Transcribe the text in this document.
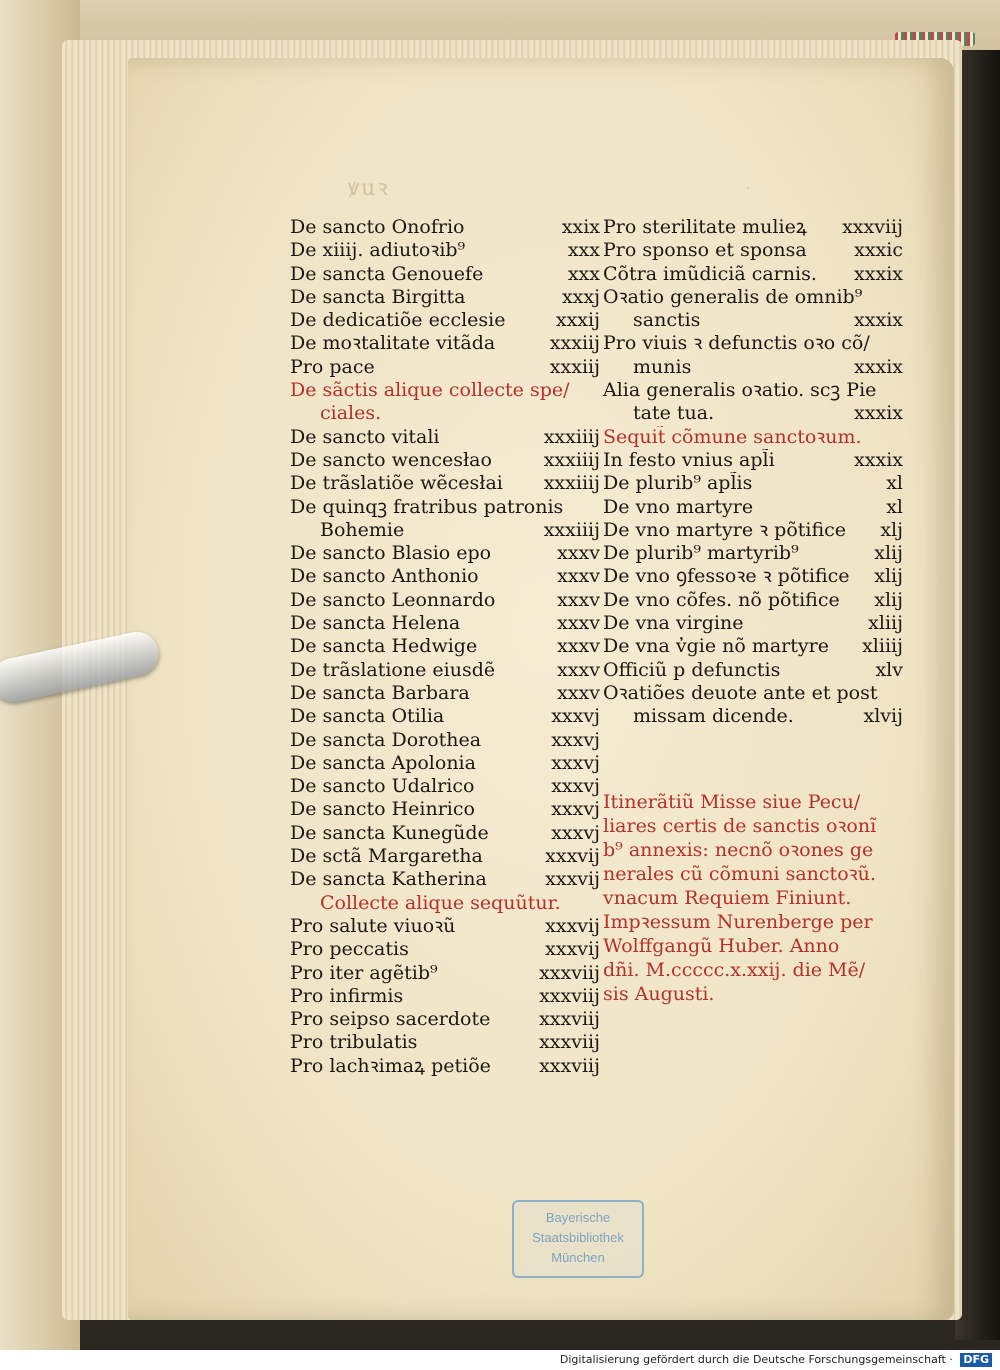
ꝟuꝛ	·
De sancto Onofrio	xxix
De xiiij. adiutoꝛib⁹	xxx
De sancta Genouefe	xxx
De sancta Birgitta	xxxj
De dedicatiõe ecclesie	xxxij
De moꝛtalitate vitãda	xxxiij
Pro pace	xxxiij
De sãctis alique collecte spe/
ciales.
De sancto vitali	xxxiiij
De sancto wencesłao	xxxiiij
De trãslatiõe wẽcesłai	xxxiiij
De quinqꝫ fratribus patronis
Bohemie	xxxiiij
De sancto Blasio epo	xxxv
De sancto Anthonio	xxxv
De sancto Leonnardo	xxxv
De sancta Helena	xxxv
De sancta Hedwige	xxxv
De trãslatione eiusdẽ	xxxv
De sancta Barbara	xxxv
De sancta Otilia	xxxvj
De sancta Dorothea	xxxvj
De sancta Apolonia	xxxvj
De sancto Udalrico	xxxvj
De sancto Heinrico	xxxvj
De sancta Kunegũde	xxxvj
De sctã Margaretha	xxxvij
De sancta Katherina	xxxvij
Collecte alique sequũtur.
Pro salute viuoꝛũ	xxxvij
Pro peccatis	xxxvij
Pro iter agẽtib⁹	xxxviij
Pro infirmis	xxxviij
Pro seipso sacerdote	xxxviij
Pro tribulatis	xxxviij
Pro lachꝛimaꝝ petiõe	xxxviij
Pro sterilitate mulieꝝ	xxxviij
Pro sponso et sponsa	xxxic
Cõtra imũdiciã carnis.	xxxix
Oꝛatio generalis de omnib⁹
sanctis	xxxix
Pro viuis ꝛ defunctis oꝛo cõ/
munis	xxxix
Alia generalis oꝛatio. scꝫ Pie
tate tua.	xxxix
Sequit̃ cõmune sanctoꝛum.
In festo vnius apl̃i	xxxix
De plurib⁹ apl̃is	xl
De vno martyre	xl
De vno martyre ꝛ põtifice	xlj
De plurib⁹ martyrib⁹	xlij
De vno ꝯfessoꝛe ꝛ põtifice	xlij
De vno cõfes. nõ põtifice	xlij
De vna virgine	xliij
De vna v̓gie nõ martyre	xliiij
Officiũ p defunctis	xlv
Oꝛatiões deuote ante et post
missam dicende.	xlvij
Itinerãtiũ Misse siue Pecu/
liares certis de sanctis oꝛonĩ
b⁹ annexis: necnõ oꝛones ge
nerales cũ cõmuni sanctoꝛũ.
vnacum Requiem Finiunt.
Impꝛessum Nurenberge per
Wolffgangũ Huber. Anno
dñi. M.ccccc.x.xxij. die Mẽ/
sis Augusti.
Bayerische
Staatsbibliothek
München
Digitalisierung gefördert durch die Deutsche Forschungsgemeinschaft · DFG
